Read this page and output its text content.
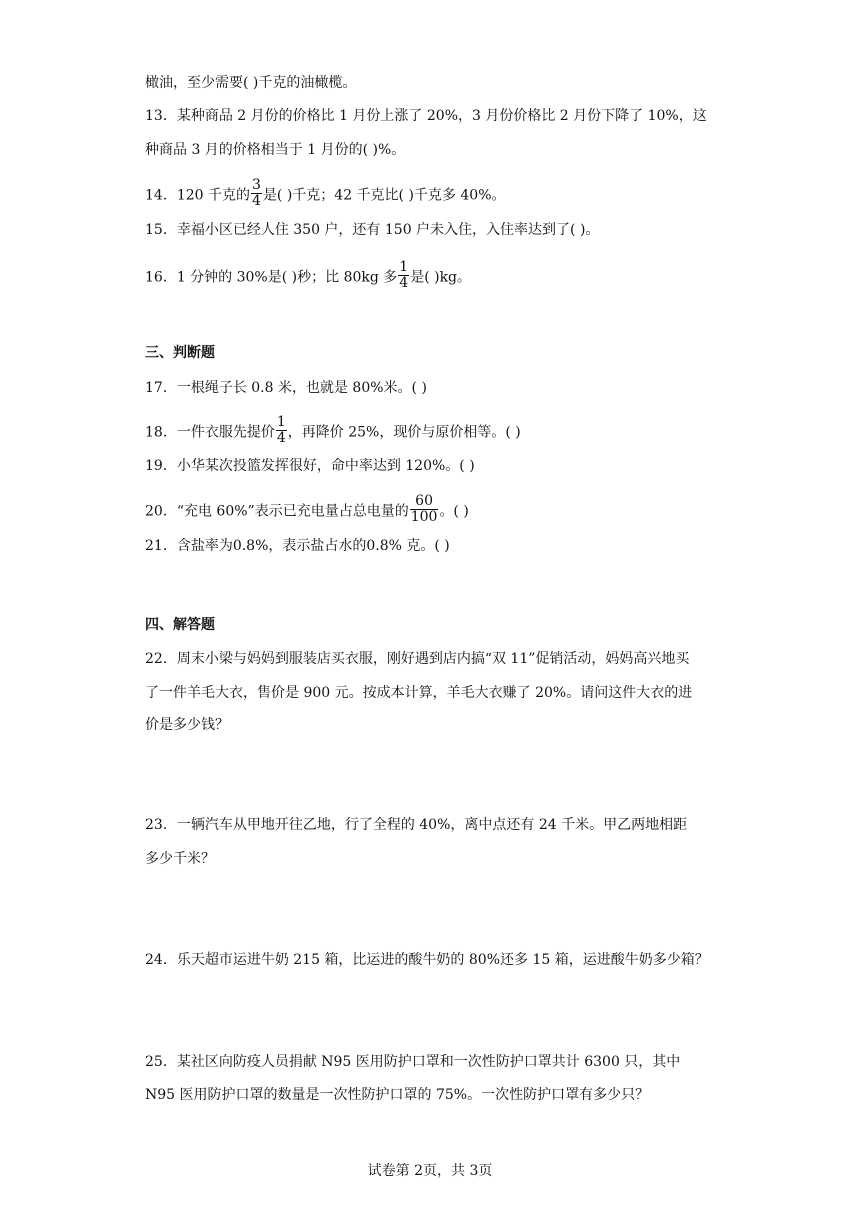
橄油，至少需要( )千克的油橄榄。
13．某种商品 2 月份的价格比 1 月份上涨了 20%，3 月份价格比 2 月份下降了 10%，这
种商品 3 月的价格相当于 1 月份的( )%。
14．120 千克的 $\frac{3}{4}$ 是( )千克；42 千克比( )千克多 40%。
15．幸福小区已经人住 350 户，还有 150 户未入住，入住率达到了( )。
16．1 分钟的 30%是( )秒；比 80kg 多 $\frac{1}{4}$ 是( )kg。
三、判断题
17．一根绳子长 0.8 米，也就是 80%米。( )
18．一件衣服先提价 $\frac{1}{4}$ ，再降价 25%，现价与原价相等。( )
19．小华某次投篮发挥很好，命中率达到 120%。( )
20．“充电 60%”表示已充电量占总电量的 $\frac{60}{100}$ 。( )
21．含盐率为0.8%，表示盐占水的0.8% 克。( )
四、解答题
22．周末小梁与妈妈到服装店买衣服，刚好遇到店内搞“双 11”促销活动，妈妈高兴地买
了一件羊毛大衣，售价是 900 元。按成本计算，羊毛大衣赚了 20%。请问这件大衣的进
价是多少钱？
23．一辆汽车从甲地开往乙地，行了全程的 40%，离中点还有 24 千米。甲乙两地相距
多少千米？
24．乐天超市运进牛奶 215 箱，比运进的酸牛奶的 80%还多 15 箱，运进酸牛奶多少箱？
25．某社区向防疫人员捐献 N95 医用防护口罩和一次性防护口罩共计 6300 只，其中
N95 医用防护口罩的数量是一次性防护口罩的 75%。一次性防护口罩有多少只？
试卷第 2页，共 3页
